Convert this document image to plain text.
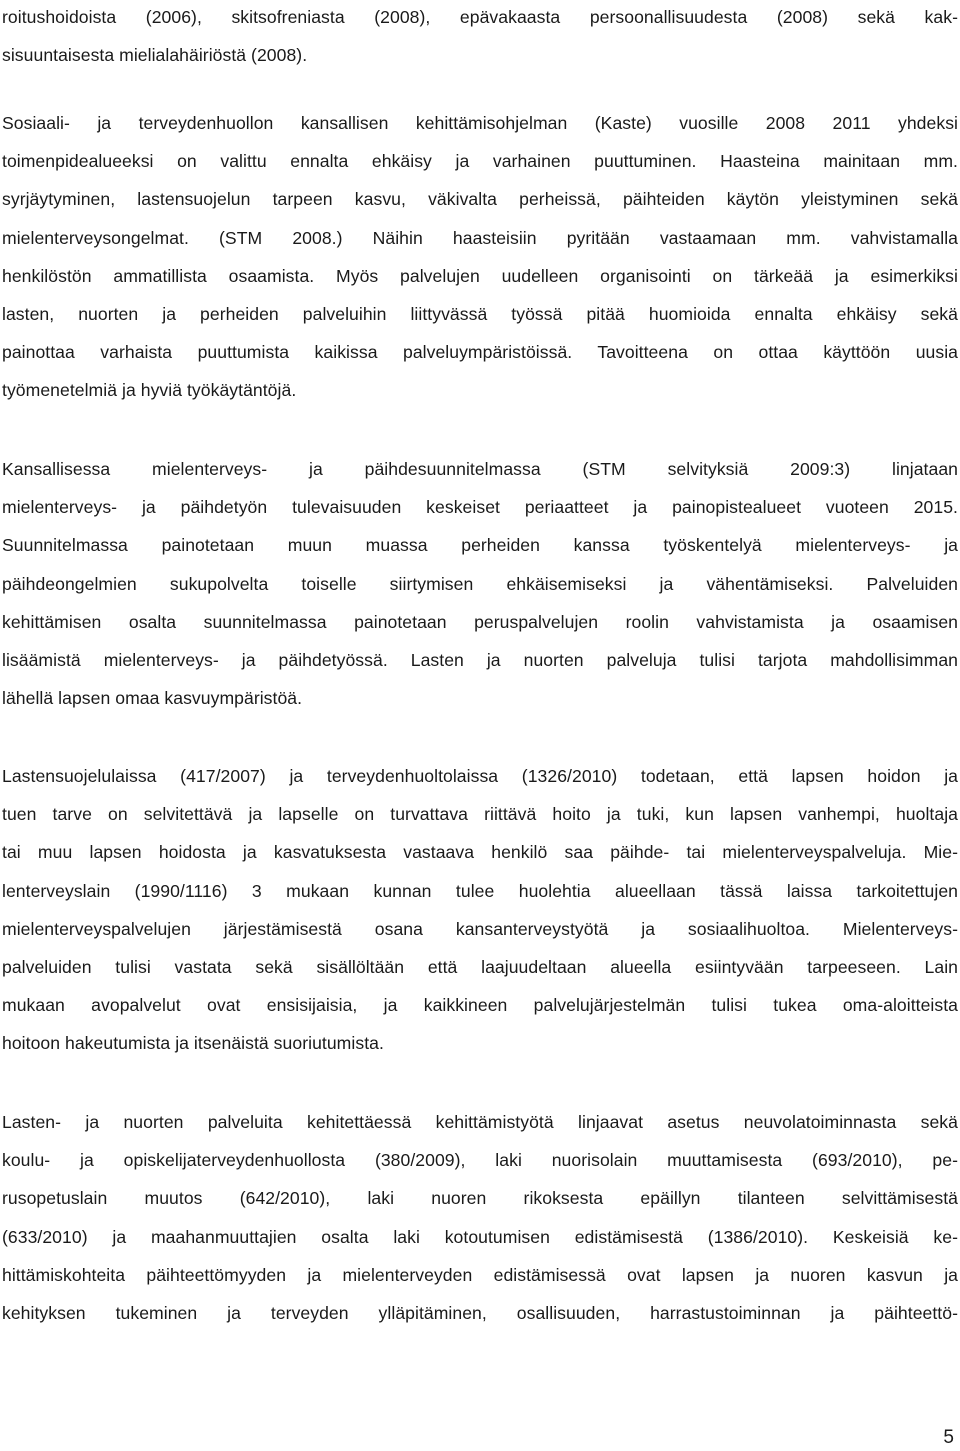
roitushoidoista (2006), skitsofreniasta (2008), epävakaasta persoonallisuudesta (2008) sekä kak-
sisuuntaisesta mielialahäiriöstä (2008).
Sosiaali- ja terveydenhuollon kansallisen kehittämisohjelman (Kaste) vuosille 2008 2011 yhdeksi
toimenpidealueeksi on valittu ennalta ehkäisy ja varhainen puuttuminen. Haasteina mainitaan mm.
syrjäytyminen, lastensuojelun tarpeen kasvu, väkivalta perheissä, päihteiden käytön yleistyminen sekä
mielenterveysongelmat. (STM 2008.) Näihin haasteisiin pyritään vastaamaan mm. vahvistamalla
henkilöstön ammatillista osaamista. Myös palvelujen uudelleen organisointi on tärkeää ja esimerkiksi
lasten, nuorten ja perheiden palveluihin liittyvässä työssä pitää huomioida ennalta ehkäisy sekä
painottaa varhaista puuttumista kaikissa palveluympäristöissä. Tavoitteena on ottaa käyttöön uusia
työmenetelmiä ja hyviä työkäytäntöjä.
Kansallisessa mielenterveys- ja päihdesuunnitelmassa (STM selvityksiä 2009:3) linjataan
mielenterveys- ja päihdetyön tulevaisuuden keskeiset periaatteet ja painopistealueet vuoteen 2015.
Suunnitelmassa painotetaan muun muassa perheiden kanssa työskentelyä mielenterveys- ja
päihdeongelmien sukupolvelta toiselle siirtymisen ehkäisemiseksi ja vähentämiseksi. Palveluiden
kehittämisen osalta suunnitelmassa painotetaan peruspalvelujen roolin vahvistamista ja osaamisen
lisäämistä mielenterveys- ja päihdetyössä. Lasten ja nuorten palveluja tulisi tarjota mahdollisimman
lähellä lapsen omaa kasvuympäristöä.
Lastensuojelulaissa (417/2007) ja terveydenhuoltolaissa (1326/2010) todetaan, että lapsen hoidon ja
tuen tarve on selvitettävä ja lapselle on turvattava riittävä hoito ja tuki, kun lapsen vanhempi, huoltaja
tai muu lapsen hoidosta ja kasvatuksesta vastaava henkilö saa päihde- tai mielenterveyspalveluja. Mie-
lenterveyslain (1990/1116) 3 mukaan kunnan tulee huolehtia alueellaan tässä laissa tarkoitettujen
mielenterveyspalvelujen järjestämisestä osana kansanterveystyötä ja sosiaalihuoltoa. Mielenterveys-
palveluiden tulisi vastata sekä sisällöltään että laajuudeltaan alueella esiintyvään tarpeeseen. Lain
mukaan avopalvelut ovat ensisijaisia, ja kaikkineen palvelujärjestelmän tulisi tukea oma-aloitteista
hoitoon hakeutumista ja itsenäistä suoriutumista.
Lasten- ja nuorten palveluita kehitettäessä kehittämistyötä linjaavat asetus neuvolatoiminnasta sekä
koulu- ja opiskelijaterveydenhuollosta (380/2009), laki nuorisolain muuttamisesta (693/2010), pe-
rusopetuslain muutos (642/2010), laki nuoren rikoksesta epäillyn tilanteen selvittämisestä
(633/2010) ja maahanmuuttajien osalta laki kotoutumisen edistämisestä (1386/2010). Keskeisiä ke-
hittämiskohteita päihteettömyyden ja mielenterveyden edistämisessä ovat lapsen ja nuoren kasvun ja
kehityksen tukeminen ja terveyden ylläpitäminen, osallisuuden, harrastustoiminnan ja päihteettö-
5
